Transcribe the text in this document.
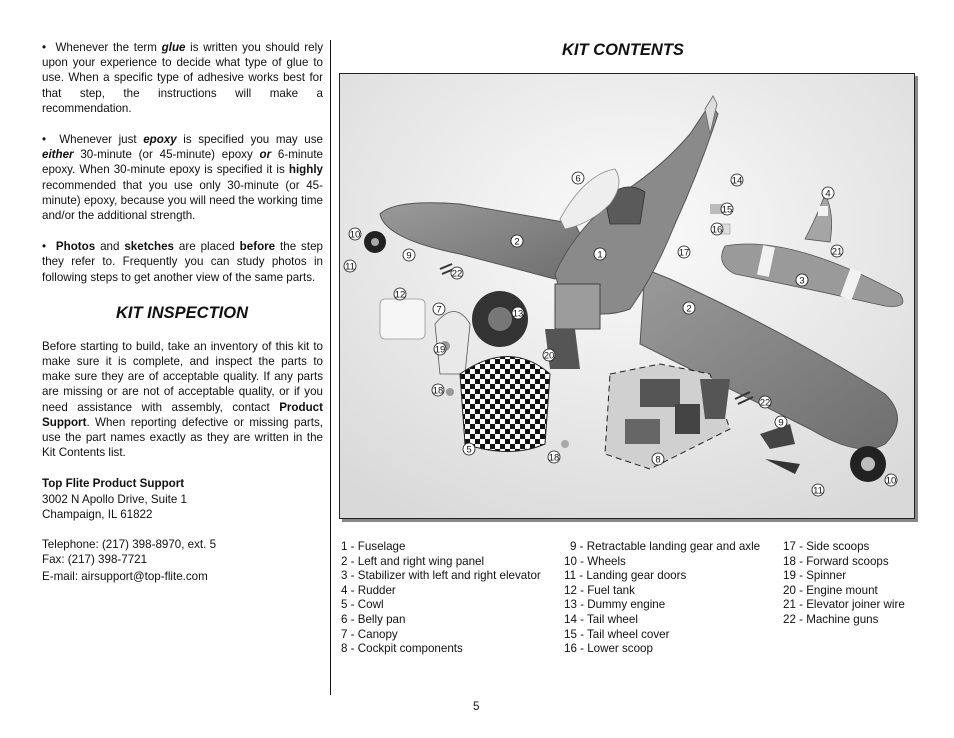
• Whenever the term glue is written you should rely upon your experience to decide what type of glue to use. When a specific type of adhesive works best for that step, the instructions will make a recommendation.

• Whenever just epoxy is specified you may use either 30-minute (or 45-minute) epoxy or 6-minute epoxy. When 30-minute epoxy is specified it is highly recommended that you use only 30-minute (or 45-minute) epoxy, because you will need the working time and/or the additional strength.

• Photos and sketches are placed before the step they refer to. Frequently you can study photos in following steps to get another view of the same parts.

KIT INSPECTION

Before starting to build, take an inventory of this kit to make sure it is complete, and inspect the parts to make sure they are of acceptable quality. If any parts are missing or are not of acceptable quality, or if you need assistance with assembly, contact Product Support. When reporting defective or missing parts, use the part names exactly as they are written in the Kit Contents list.

Top Flite Product Support
3002 N Apollo Drive, Suite 1
Champaign, IL 61822
Telephone: (217) 398-8970, ext. 5
Fax: (217) 398-7721
E-mail: airsupport@top-flite.com
KIT CONTENTS
1
2
2
3
4
5
6
7
8
9
9
10
10
11
11
12
13
14
15
16
17
18
18
19
20
21
22
22
1 - Fuselage
2 - Left and right wing panel
3 - Stabilizer with left and right elevator
4 - Rudder
5 - Cowl
6 - Belly pan
7 - Canopy
8 - Cockpit components
9 - Retractable landing gear and axle
10 - Wheels
11 - Landing gear doors
12 - Fuel tank
13 - Dummy engine
14 - Tail wheel
15 - Tail wheel cover
16 - Lower scoop
17 - Side scoops
18 - Forward scoops
19 - Spinner
20 - Engine mount
21 - Elevator joiner wire
22 - Machine guns
5
